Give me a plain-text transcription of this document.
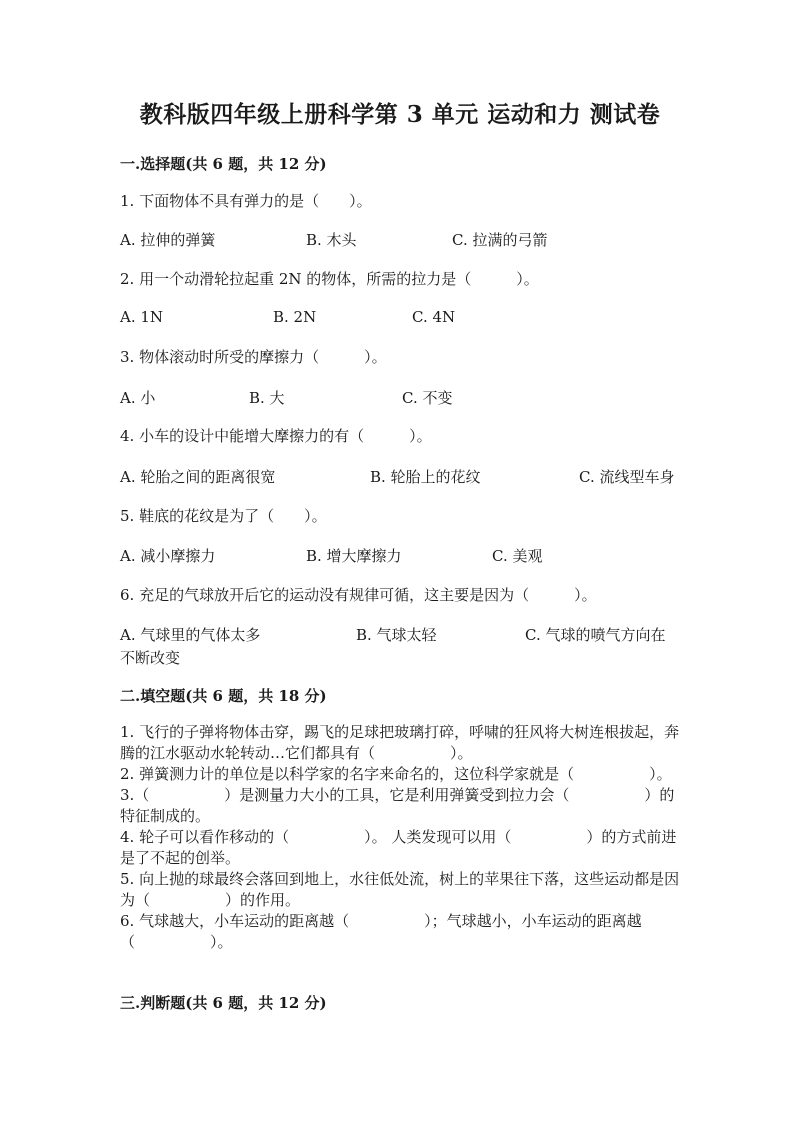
教科版四年级上册科学第 3 单元 运动和力 测试卷
一.选择题(共 6 题，共 12 分)
1. 下面物体不具有弹力的是（　　）。
A. 拉伸的弹簧	B. 木头	C. 拉满的弓箭
2. 用一个动滑轮拉起重 2N 的物体，所需的拉力是（　　　）。
A. 1N	B. 2N	C. 4N
3. 物体滚动时所受的摩擦力（　　　）。
A. 小	B. 大	C. 不变
4. 小车的设计中能增大摩擦力的有（　　　）。
A. 轮胎之间的距离很宽	B. 轮胎上的花纹	C. 流线型车身
5. 鞋底的花纹是为了（　　）。
A. 减小摩擦力	B. 增大摩擦力	C. 美观
6. 充足的气球放开后它的运动没有规律可循，这主要是因为（　　　）。
A. 气球里的气体太多	B. 气球太轻	C. 气球的喷气方向在
不断改变
二.填空题(共 6 题，共 18 分)

1. 飞行的子弹将物体击穿，踢飞的足球把玻璃打碎，呼啸的狂风将大树连根拔起，奔腾的江水驱动水轮转动…它们都具有（　　　　　）。

2. 弹簧测力计的单位是以科学家的名字来命名的，这位科学家就是（　　　　　）。

3.（　　　　　）是测量力大小的工具，它是利用弹簧受到拉力会（　　　　　）的特征制成的。

4. 轮子可以看作移动的（　　　　　）。 人类发现可以用（　　　　　）的方式前进是了不起的创举。

5. 向上抛的球最终会落回到地上，水往低处流，树上的苹果往下落，这些运动都是因为（　　　　　）的作用。

6. 气球越大，小车运动的距离越（　　　　　）；气球越小，小车运动的距离越（　　　　　）。

三.判断题(共 6 题，共 12 分)
